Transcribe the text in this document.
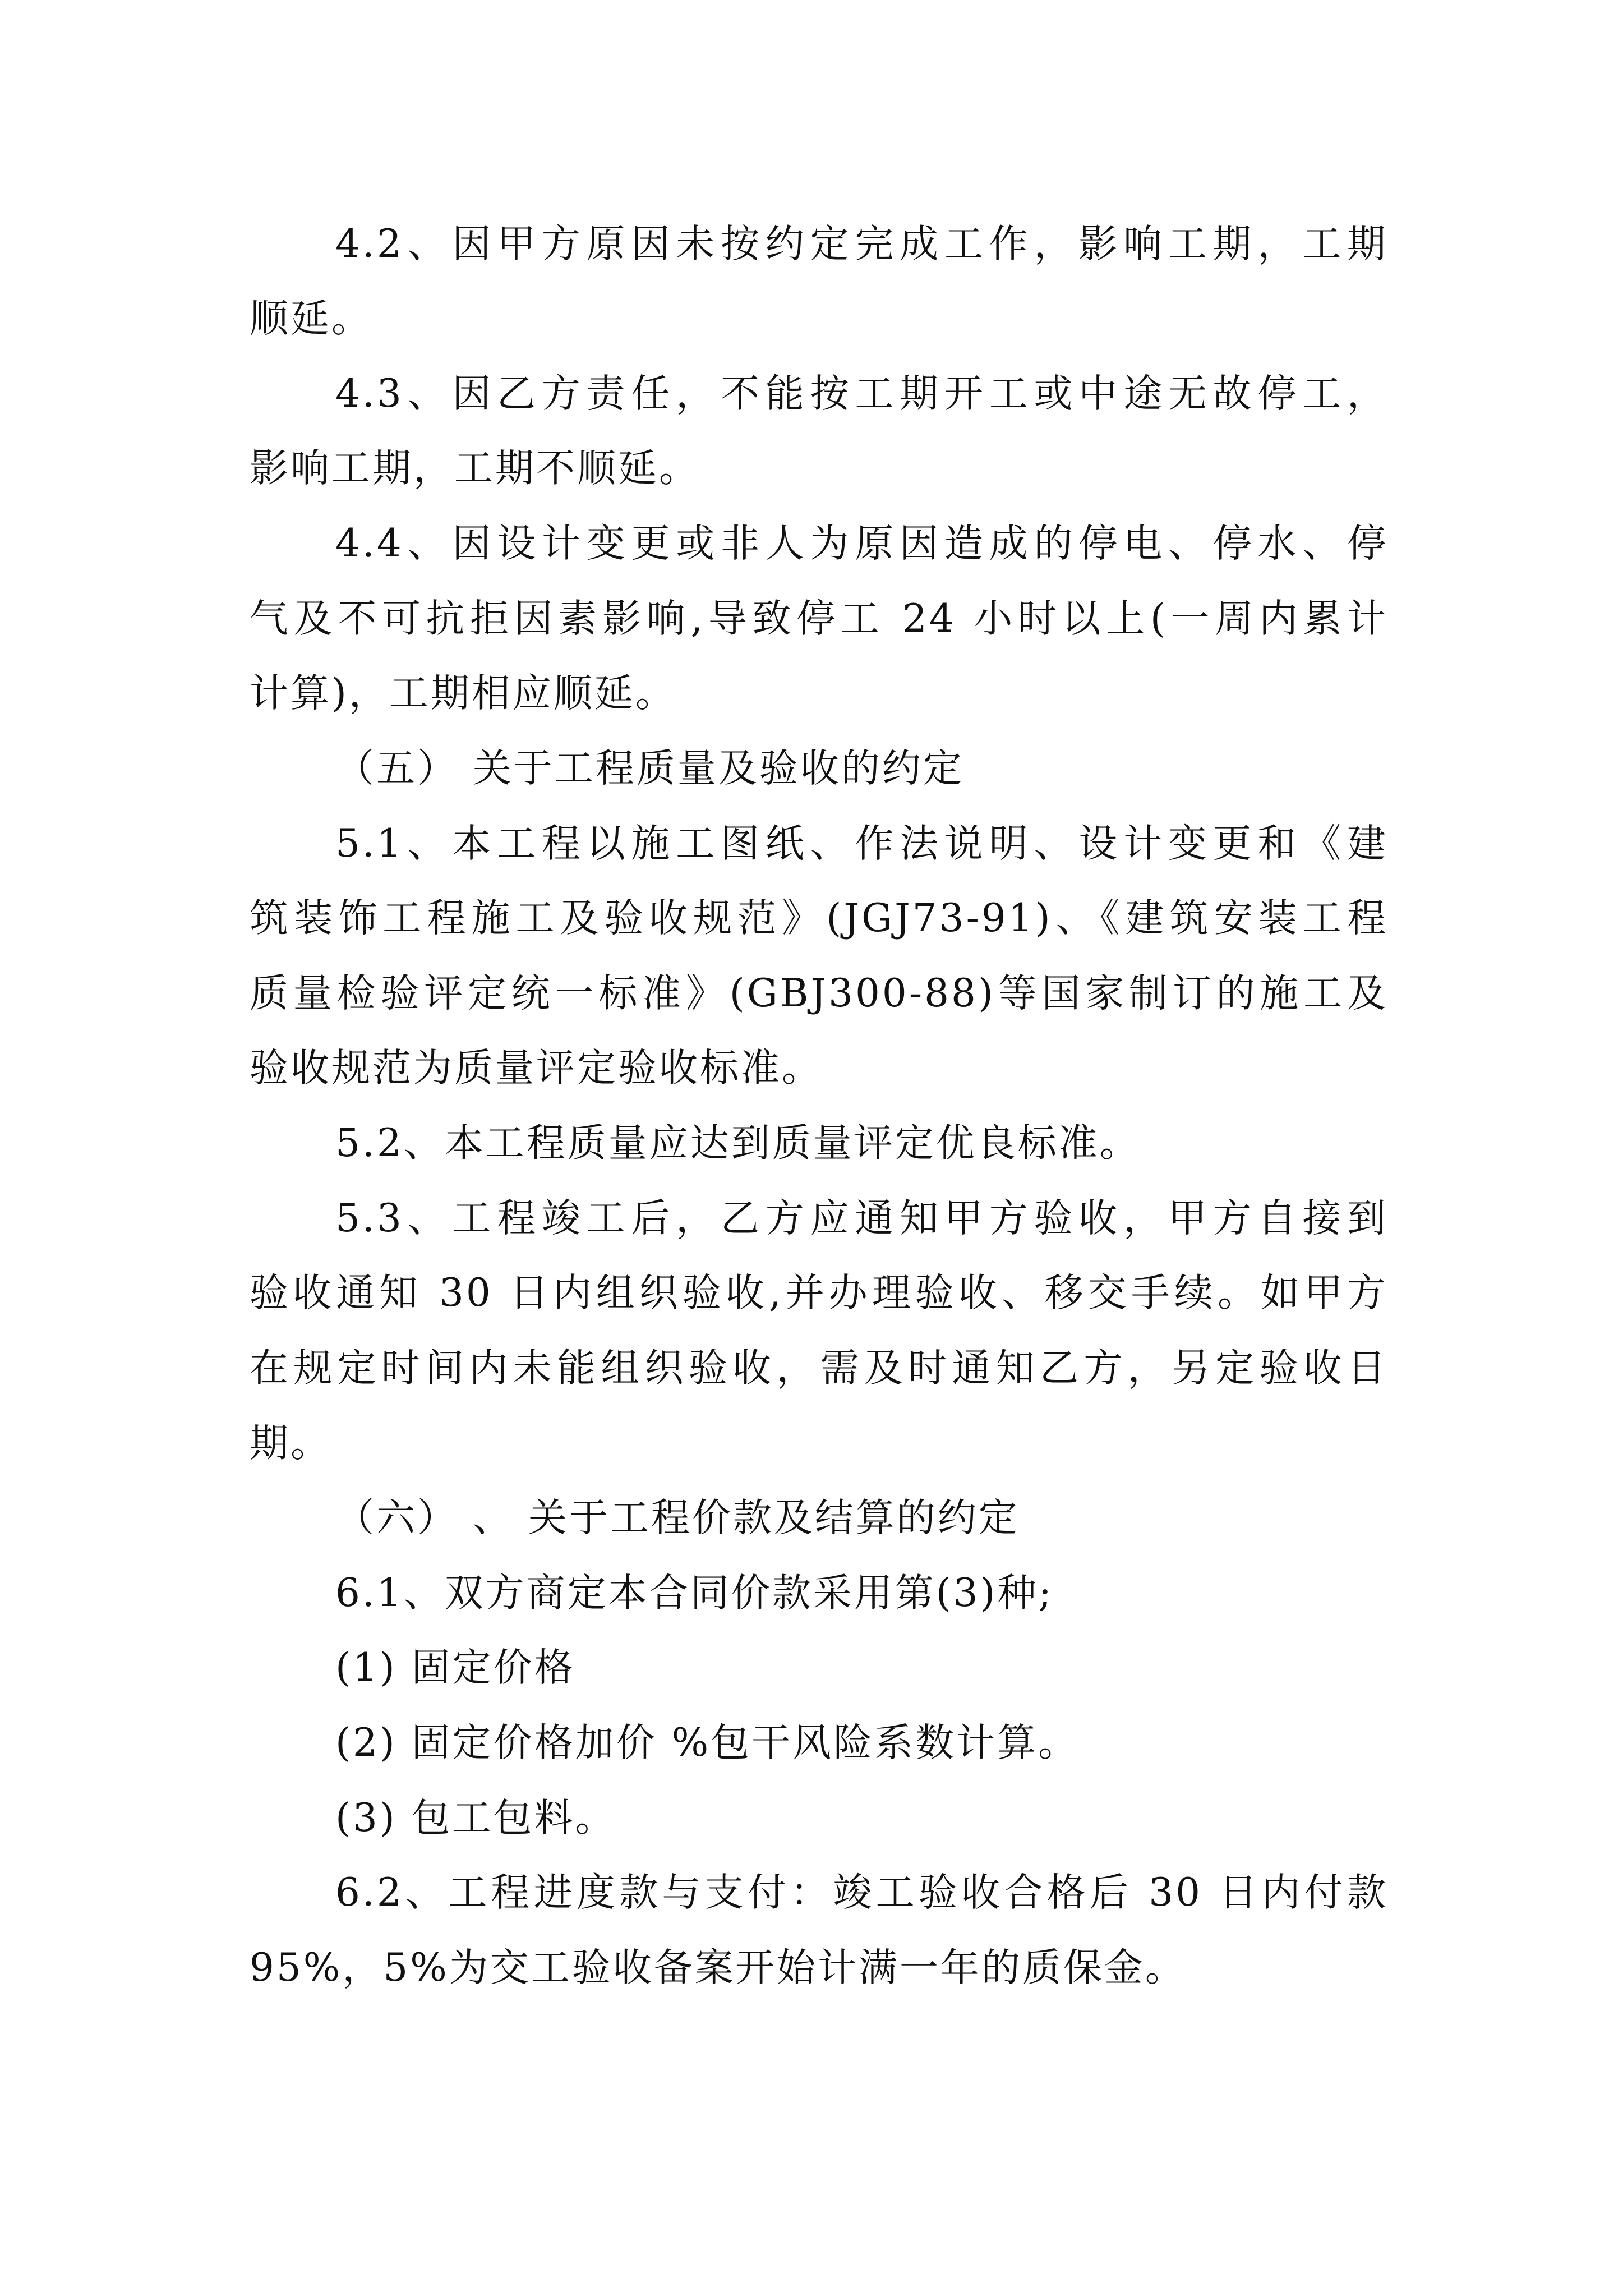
4.2、因甲方原因未按约定完成工作，影响工期，工期
顺延。
4.3、因乙方责任，不能按工期开工或中途无故停工，
影响工期，工期不顺延。
4.4、因设计变更或非人为原因造成的停电、停水、停
气及不可抗拒因素影响,导致停工 24 小时以上(一周内累计
计算)，工期相应顺延。
（五） 关于工程质量及验收的约定
5.1、本工程以施工图纸、作法说明、设计变更和《建
筑装饰工程施工及验收规范》(JGJ73-91)、《建筑安装工程
质量检验评定统一标准》(GBJ300-88)等国家制订的施工及
验收规范为质量评定验收标准。
5.2、本工程质量应达到质量评定优良标准。
5.3、工程竣工后，乙方应通知甲方验收，甲方自接到
验收通知 30 日内组织验收,并办理验收、移交手续。如甲方
在规定时间内未能组织验收，需及时通知乙方，另定验收日
期。
（六） 、 关于工程价款及结算的约定
6.1、双方商定本合同价款采用第(3)种;
(1) 固定价格
(2) 固定价格加价 %包干风险系数计算。
(3) 包工包料。
6.2、工程进度款与支付：竣工验收合格后 30 日内付款
95%，5%为交工验收备案开始计满一年的质保金。
